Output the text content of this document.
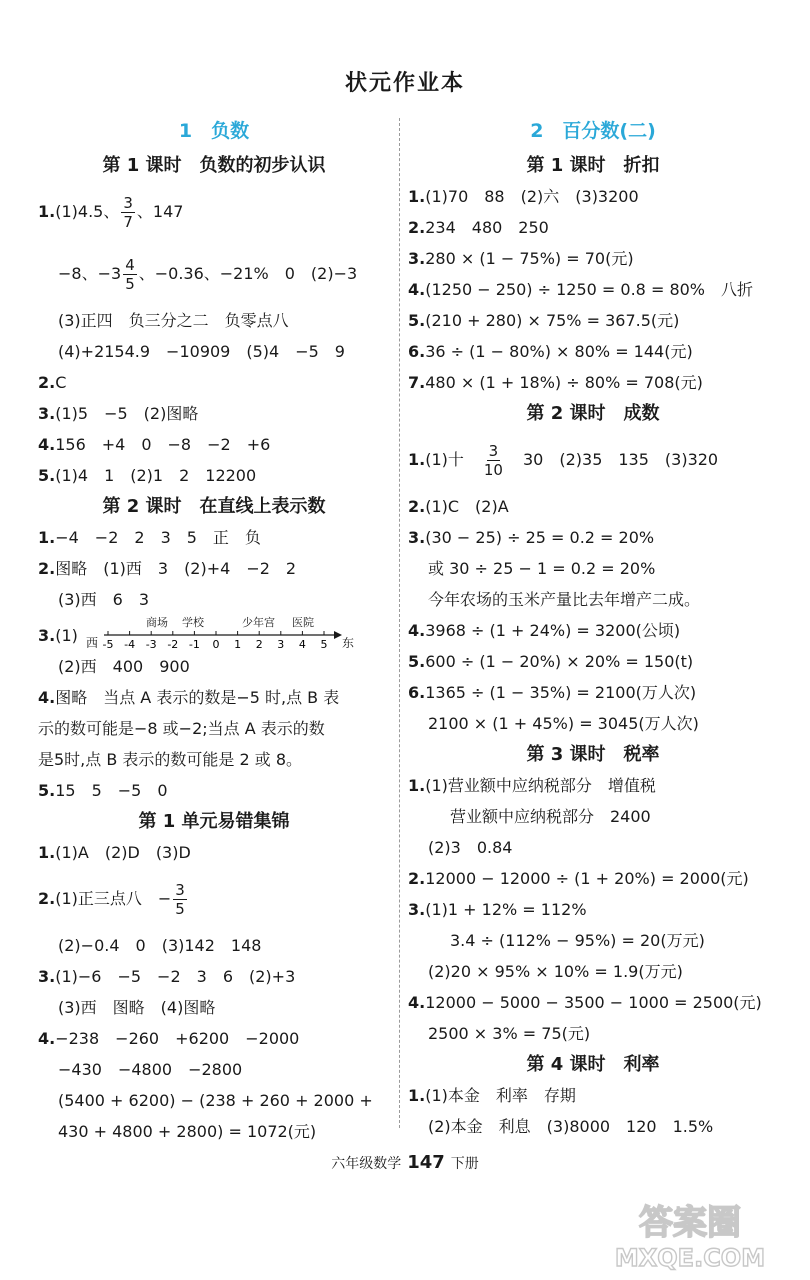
状元作业本
1　负数
第 1 课时　负数的初步认识
1.(1)4.5、 $\frac{3}{7}$ 、147
−8、$-3 \frac{4}{5}$ 、−0.36、−21%　0　(2)−3
(3)正四　负三分之二　负零点八
(4)+2154.9　−10909　(5)4　−5　9
2.C
3.(1)5　−5　(2)图略
4.156　+4　0　−8　−2　+6
5.(1)4　1　(2)1　2　12200
第 2 课时　在直线上表示数
1.−4　−2　2　3　5　正　负
2.图略　(1)西　3　(2)+4　−2　2
(3)西　6　3
3.(1) 西	东
-5 -4 -3 -2 -1 0 1 2 3 4 5
商场 学校	少年宫 医院
(2)西　400　900
4.图略　当点 A 表示的数是−5 时,点 B 表
示的数可能是−8 或−2;当点 A 表示的数
是5时,点 B 表示的数可能是 2 或 8。
5.15　5　−5　0
第 1 单元易错集锦
1.(1)A　(2)D　(3)D
2.(1)正三点八　− $\frac{3}{5}$
(2)−0.4　0　(3)142　148
3.(1)−6　−5　−2　3　6　(2)+3
(3)西　图略　(4)图略
4.−238　−260　+6200　−2000
−430　−4800　−2800
(5400 + 6200) − (238 + 260 + 2000 +
430 + 4800 + 2800) = 1072(元)
2　百分数(二)
第 1 课时　折扣
1.(1)70　88　(2)六　(3)3200
2.234　480　250
3.280 × (1 − 75%) = 70(元)
4.(1250 − 250) ÷ 1250 = 0.8 = 80%　八折
5.(210 + 280) × 75% = 367.5(元)
6.36 ÷ (1 − 80%) × 80% = 144(元)
7.480 × (1 + 18%) ÷ 80% = 708(元)
第 2 课时　成数
1.(1)十　 $\frac{3}{10}$ 　30　(2)35　135　(3)320
2.(1)C　(2)A
3.(30 − 25) ÷ 25 = 0.2 = 20%
或 30 ÷ 25 − 1 = 0.2 = 20%
今年农场的玉米产量比去年增产二成。
4.3968 ÷ (1 + 24%) = 3200(公顷)
5.600 ÷ (1 − 20%) × 20% = 150(t)
6.1365 ÷ (1 − 35%) = 2100(万人次)
2100 × (1 + 45%) = 3045(万人次)
第 3 课时　税率
1.(1)营业额中应纳税部分　增值税
营业额中应纳税部分　2400
(2)3　0.84
2.12000 − 12000 ÷ (1 + 20%) = 2000(元)
3.(1)1 + 12% = 112%
3.4 ÷ (112% − 95%) = 20(万元)
(2)20 × 95% × 10% = 1.9(万元)
4.12000 − 5000 − 3500 − 1000 = 2500(元)
2500 × 3% = 75(元)
第 4 课时　利率
1.(1)本金　利率　存期
(2)本金　利息　(3)8000　120　1.5%
六年级数学 147 下册
答案圈
MXQE.COM
